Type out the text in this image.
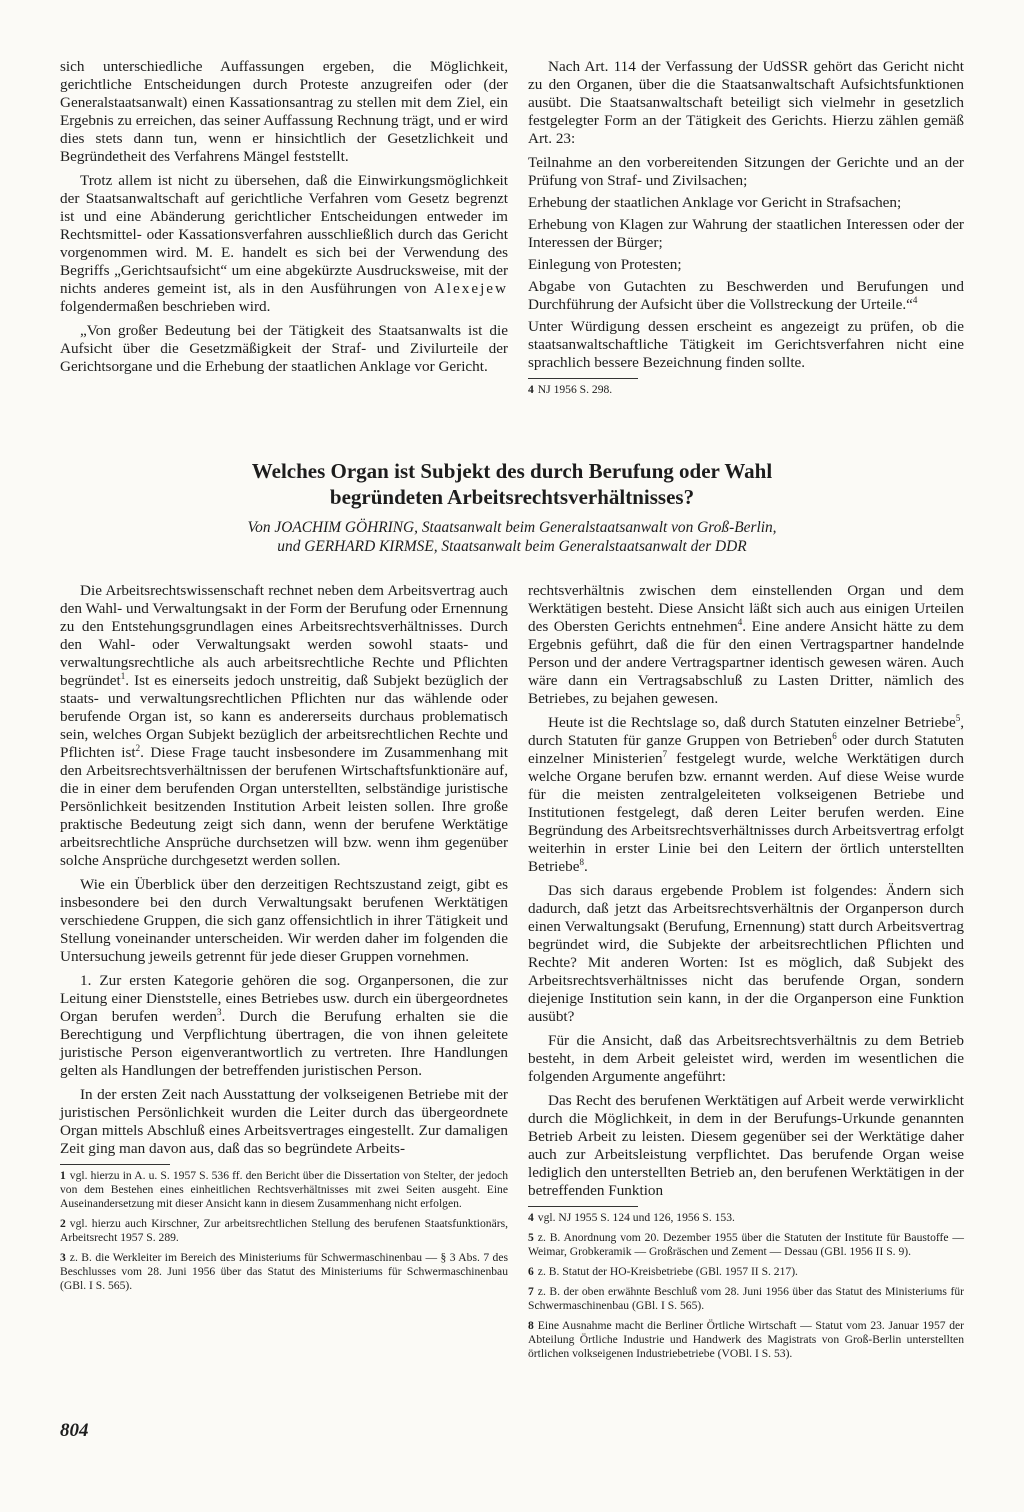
sich unterschiedliche Auffassungen ergeben, die Möglichkeit, gerichtliche Entscheidungen durch Proteste anzugreifen oder (der Generalstaatsanwalt) einen Kassationsantrag zu stellen mit dem Ziel, ein Ergebnis zu erreichen, das seiner Auffassung Rechnung trägt, und er wird dies stets dann tun, wenn er hinsichtlich der Gesetzlichkeit und Begründetheit des Verfahrens Mängel feststellt.

Trotz allem ist nicht zu übersehen, daß die Einwirkungsmöglichkeit der Staatsanwaltschaft auf gerichtliche Verfahren vom Gesetz begrenzt ist und eine Abänderung gerichtlicher Entscheidungen entweder im Rechtsmittel- oder Kassationsverfahren ausschließlich durch das Gericht vorgenommen wird. M. E. handelt es sich bei der Verwendung des Begriffs „Gerichtsaufsicht“ um eine abgekürzte Ausdrucksweise, mit der nichts anderes gemeint ist, als in den Ausführungen von Alexejew folgendermaßen beschrieben wird.

„Von großer Bedeutung bei der Tätigkeit des Staatsanwalts ist die Aufsicht über die Gesetzmäßigkeit der Straf- und Zivilurteile der Gerichtsorgane und die Erhebung der staatlichen Anklage vor Gericht.

Nach Art. 114 der Verfassung der UdSSR gehört das Gericht nicht zu den Organen, über die die Staatsanwaltschaft Aufsichtsfunktionen ausübt. Die Staatsanwaltschaft beteiligt sich vielmehr in gesetzlich festgelegter Form an der Tätigkeit des Gerichts. Hierzu zählen gemäß Art. 23:

Teilnahme an den vorbereitenden Sitzungen der Gerichte und an der Prüfung von Straf- und Zivilsachen;

Erhebung der staatlichen Anklage vor Gericht in Strafsachen;

Erhebung von Klagen zur Wahrung der staatlichen Interessen oder der Interessen der Bürger;

Einlegung von Protesten;

Abgabe von Gutachten zu Beschwerden und Berufungen und Durchführung der Aufsicht über die Vollstreckung der Urteile.“$^4$

Unter Würdigung dessen erscheint es angezeigt zu prüfen, ob die staatsanwaltschaftliche Tätigkeit im Gerichtsverfahren nicht eine sprachlich bessere Bezeichnung finden sollte.

4 NJ 1956 S. 298.

Welches Organ ist Subjekt des durch Berufung oder Wahl

begründeten Arbeitsrechtsverhältnisses?

Von JOACHIM GÖHRING, Staatsanwalt beim Generalstaatsanwalt von Groß-Berlin,

und GERHARD KIRMSE, Staatsanwalt beim Generalstaatsanwalt der DDR

Die Arbeitsrechtswissenschaft rechnet neben dem Arbeitsvertrag auch den Wahl- und Verwaltungsakt in der Form der Berufung oder Ernennung zu den Entstehungsgrundlagen eines Arbeitsrechtsverhältnisses. Durch den Wahl- oder Verwaltungsakt werden sowohl staats- und verwaltungsrechtliche als auch arbeitsrechtliche Rechte und Pflichten begründet$^1$. Ist es einerseits jedoch unstreitig, daß Subjekt bezüglich der staats- und verwaltungsrechtlichen Pflichten nur das wählende oder berufende Organ ist, so kann es andererseits durchaus problematisch sein, welches Organ Subjekt bezüglich der arbeitsrechtlichen Rechte und Pflichten ist$^2$. Diese Frage taucht insbesondere im Zusammenhang mit den Arbeitsrechtsverhältnissen der berufenen Wirtschaftsfunktionäre auf, die in einer dem berufenden Organ unterstellten, selbständige juristische Persönlichkeit besitzenden Institution Arbeit leisten sollen. Ihre große praktische Bedeutung zeigt sich dann, wenn der berufene Werktätige arbeitsrechtliche Ansprüche durchsetzen will bzw. wenn ihm gegenüber solche Ansprüche durchgesetzt werden sollen.

Wie ein Überblick über den derzeitigen Rechtszustand zeigt, gibt es insbesondere bei den durch Verwaltungsakt berufenen Werktätigen verschiedene Gruppen, die sich ganz offensichtlich in ihrer Tätigkeit und Stellung voneinander unterscheiden. Wir werden daher im folgenden die Untersuchung jeweils getrennt für jede dieser Gruppen vornehmen.

1. Zur ersten Kategorie gehören die sog. Organpersonen, die zur Leitung einer Dienststelle, eines Betriebes usw. durch ein übergeordnetes Organ berufen werden$^3$. Durch die Berufung erhalten sie die Berechtigung und Verpflichtung übertragen, die von ihnen geleitete juristische Person eigenverantwortlich zu vertreten. Ihre Handlungen gelten als Handlungen der betreffenden juristischen Person.

In der ersten Zeit nach Ausstattung der volkseigenen Betriebe mit der juristischen Persönlichkeit wurden die Leiter durch das übergeordnete Organ mittels Abschluß eines Arbeitsvertrages eingestellt. Zur damaligen Zeit ging man davon aus, daß das so begründete Arbeits-

1 vgl. hierzu in A. u. S. 1957 S. 536 ff. den Bericht über die Dissertation von Stelter, der jedoch von dem Bestehen eines einheitlichen Rechtsverhältnisses mit zwei Seiten ausgeht. Eine Auseinandersetzung mit dieser Ansicht kann in diesem Zusammenhang nicht erfolgen.
2 vgl. hierzu auch Kirschner, Zur arbeitsrechtlichen Stellung des berufenen Staatsfunktionärs, Arbeitsrecht 1957 S. 289.
3 z. B. die Werkleiter im Bereich des Ministeriums für Schwermaschinenbau — § 3 Abs. 7 des Beschlusses vom 28. Juni 1956 über das Statut des Ministeriums für Schwermaschinenbau (GBl. I S. 565).

rechtsverhältnis zwischen dem einstellenden Organ und dem Werktätigen besteht. Diese Ansicht läßt sich auch aus einigen Urteilen des Obersten Gerichts entnehmen$^4$. Eine andere Ansicht hätte zu dem Ergebnis geführt, daß die für den einen Vertragspartner handelnde Person und der andere Vertragspartner identisch gewesen wären. Auch wäre dann ein Vertragsabschluß zu Lasten Dritter, nämlich des Betriebes, zu bejahen gewesen.

Heute ist die Rechtslage so, daß durch Statuten einzelner Betriebe$^5$, durch Statuten für ganze Gruppen von Betrieben$^6$ oder durch Statuten einzelner Ministerien$^7$ festgelegt wurde, welche Werktätigen durch welche Organe berufen bzw. ernannt werden. Auf diese Weise wurde für die meisten zentralgeleiteten volkseigenen Betriebe und Institutionen festgelegt, daß deren Leiter berufen werden. Eine Begründung des Arbeitsrechtsverhältnisses durch Arbeitsvertrag erfolgt weiterhin in erster Linie bei den Leitern der örtlich unterstellten Betriebe$^8$.

Das sich daraus ergebende Problem ist folgendes: Ändern sich dadurch, daß jetzt das Arbeitsrechtsverhältnis der Organperson durch einen Verwaltungsakt (Berufung, Ernennung) statt durch Arbeitsvertrag begründet wird, die Subjekte der arbeitsrechtlichen Pflichten und Rechte? Mit anderen Worten: Ist es möglich, daß Subjekt des Arbeitsrechtsverhältnisses nicht das berufende Organ, sondern diejenige Institution sein kann, in der die Organperson eine Funktion ausübt?

Für die Ansicht, daß das Arbeitsrechtsverhältnis zu dem Betrieb besteht, in dem Arbeit geleistet wird, werden im wesentlichen die folgenden Argumente angeführt:

Das Recht des berufenen Werktätigen auf Arbeit werde verwirklicht durch die Möglichkeit, in dem in der Berufungs-Urkunde genannten Betrieb Arbeit zu leisten. Diesem gegenüber sei der Werktätige daher auch zur Arbeitsleistung verpflichtet. Das berufende Organ weise lediglich den unterstellten Betrieb an, den berufenen Werktätigen in der betreffenden Funktion

4 vgl. NJ 1955 S. 124 und 126, 1956 S. 153.
5 z. B. Anordnung vom 20. Dezember 1955 über die Statuten der Institute für Baustoffe — Weimar, Grobkeramik — Großräschen und Zement — Dessau (GBl. 1956 II S. 9).
6 z. B. Statut der HO-Kreisbetriebe (GBl. 1957 II S. 217).
7 z. B. der oben erwähnte Beschluß vom 28. Juni 1956 über das Statut des Ministeriums für Schwermaschinenbau (GBl. I S. 565).
8 Eine Ausnahme macht die Berliner Örtliche Wirtschaft — Statut vom 23. Januar 1957 der Abteilung Örtliche Industrie und Handwerk des Magistrats von Groß-Berlin unterstellten örtlichen volkseigenen Industriebetriebe (VOBl. I S. 53).
804
